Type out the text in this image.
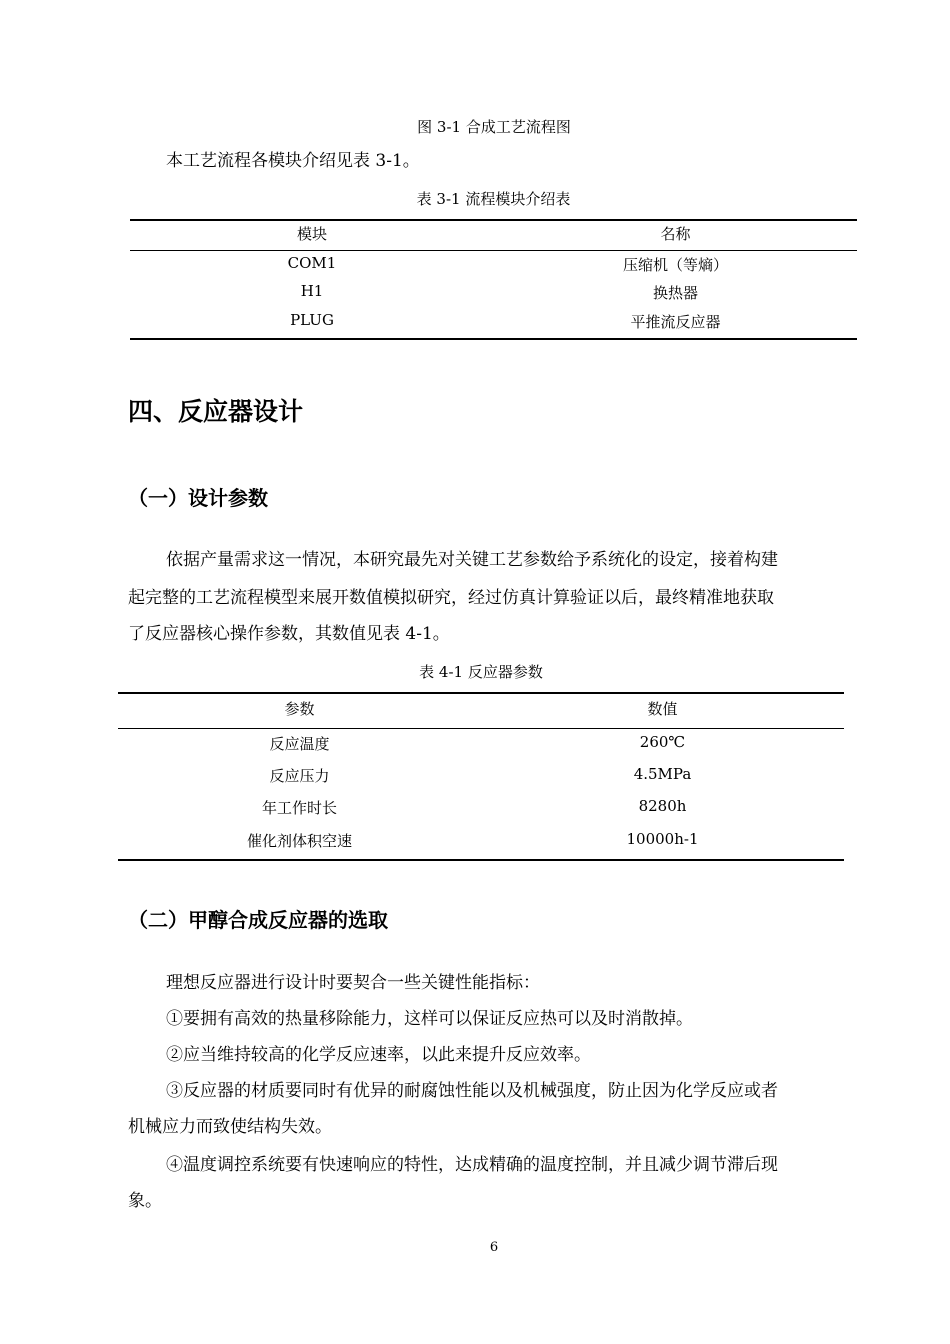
图 3-1 合成工艺流程图
本工艺流程各模块介绍见表 3-1。
表 3-1 流程模块介绍表
模块	名称
COM1	压缩机（等熵）
H1	换热器
PLUG	平推流反应器
四、反应器设计
（一）设计参数
依据产量需求这一情况，本研究最先对关键工艺参数给予系统化的设定，接着构建
起完整的工艺流程模型来展开数值模拟研究，经过仿真计算验证以后，最终精准地获取
了反应器核心操作参数，其数值见表 4-1。
表 4-1 反应器参数
参数	数值
反应温度	260℃
反应压力	4.5MPa
年工作时长	8280h
催化剂体积空速	10000h-1
（二）甲醇合成反应器的选取
理想反应器进行设计时要契合一些关键性能指标：
①要拥有高效的热量移除能力，这样可以保证反应热可以及时消散掉。
②应当维持较高的化学反应速率，以此来提升反应效率。
③反应器的材质要同时有优异的耐腐蚀性能以及机械强度，防止因为化学反应或者
机械应力而致使结构失效。
④温度调控系统要有快速响应的特性，达成精确的温度控制，并且减少调节滞后现
象。
6
